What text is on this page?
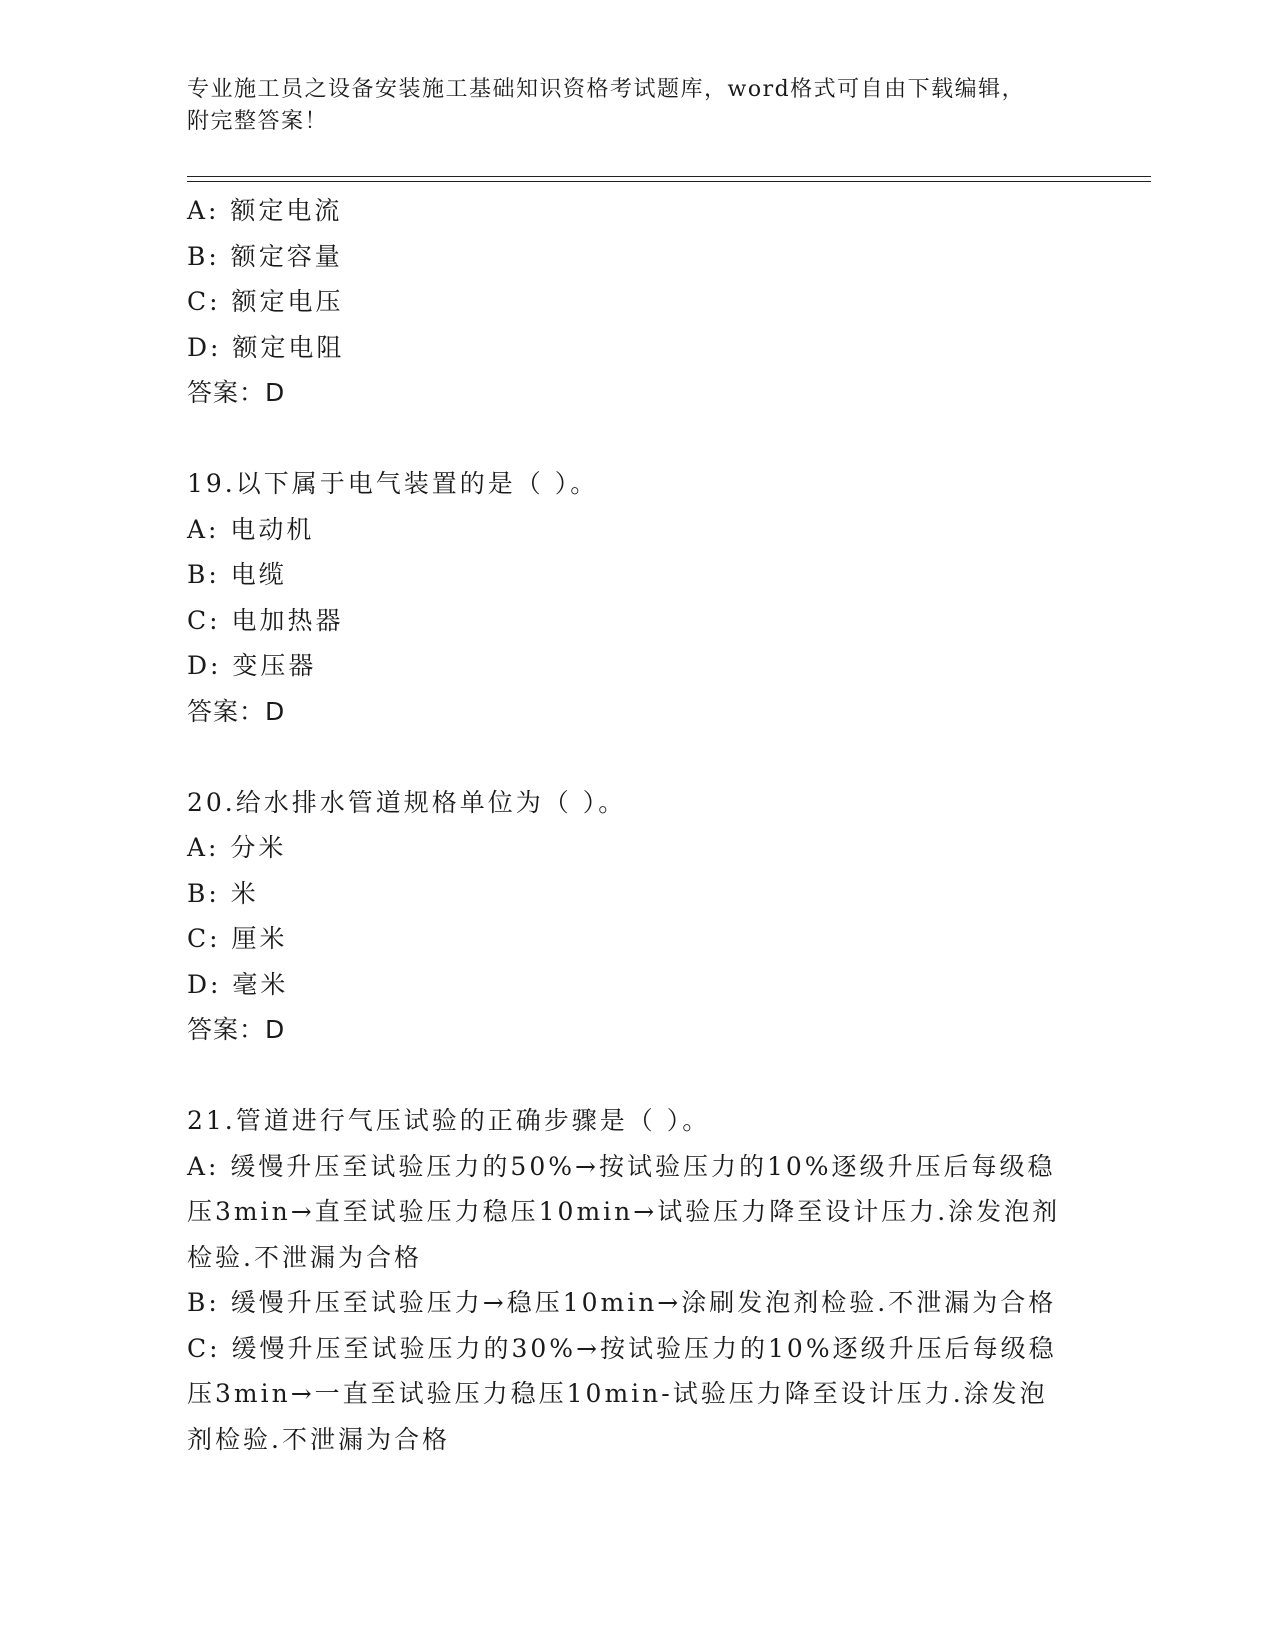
专业施工员之设备安装施工基础知识资格考试题库，word格式可自由下载编辑，
附完整答案！
A: 额定电流
B: 额定容量
C: 额定电压
D: 额定电阻
答案：D
19.以下属于电气装置的是（ ）。
A: 电动机
B: 电缆
C: 电加热器
D: 变压器
答案：D
20.给水排水管道规格单位为（ ）。
A: 分米
B: 米
C: 厘米
D: 毫米
答案：D
21.管道进行气压试验的正确步骤是（ ）。
A: 缓慢升压至试验压力的50%→按试验压力的10%逐级升压后每级稳
压3min→直至试验压力稳压10min→试验压力降至设计压力.涂发泡剂
检验.不泄漏为合格
B: 缓慢升压至试验压力→稳压10min→涂刷发泡剂检验.不泄漏为合格
C: 缓慢升压至试验压力的30%→按试验压力的10%逐级升压后每级稳
压3min→一直至试验压力稳压10min-试验压力降至设计压力.涂发泡
剂检验.不泄漏为合格
